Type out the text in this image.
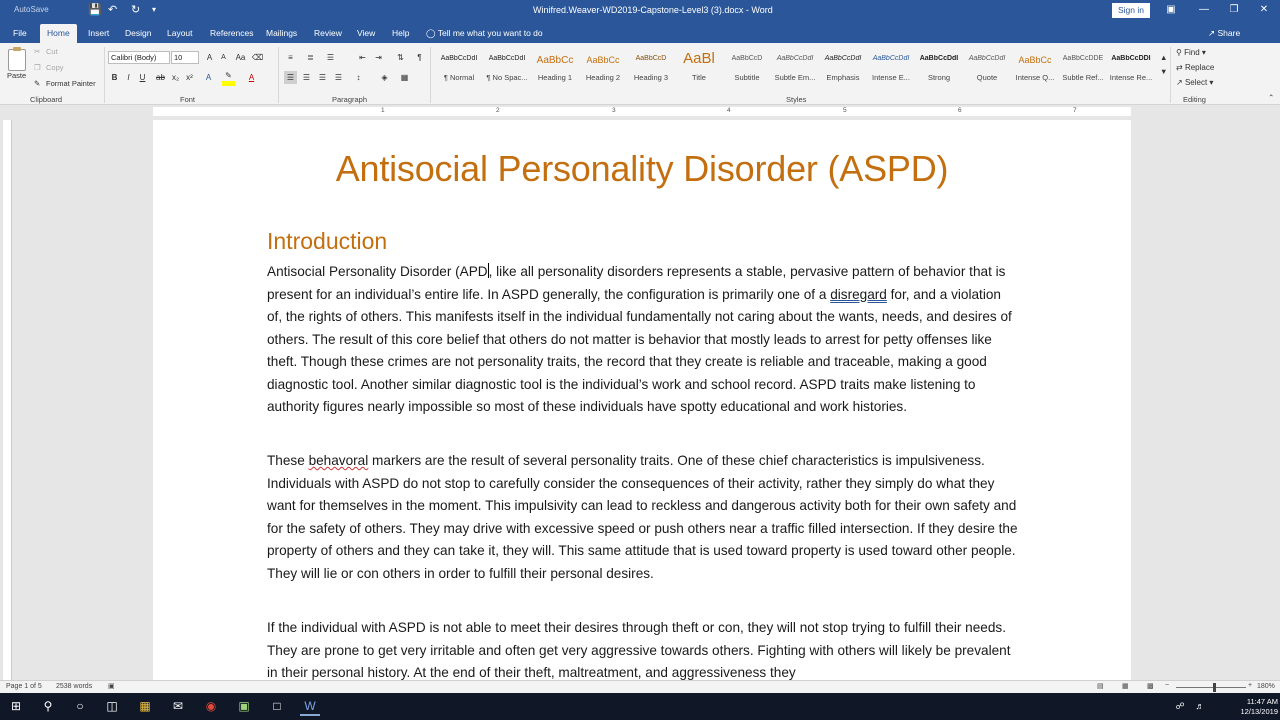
AutoSave	💾 ↶ ↻ ▾	Winifred.Weaver-WD2019-Capstone-Level3 (3).docx - Word	Sign in	▣	—	❐	✕
File	Home	Insert	Design	Layout	References	Mailings	Review	View	Help	◯ Tell me what you want to do	↗ Share
Paste
✂ Cut
❐ Copy
✎ Format Painter
Clipboard
Calibri (Body)	10	A	A	Aa ⌫
B	I	U	ab x₂ x²	A	✎	A
Font
≡	≣	☰	⇤	⇥	⇅	¶
☰	☰	☰	☰	↕	◈	▦
Paragraph
AaBbCcDdI
¶ Normal
AaBbCcDdI
¶ No Spac...
AaBbCc
Heading 1
AaBbCc
Heading 2
AaBbCcD
Heading 3
AaBl
Title
AaBbCcD
Subtitle
AaBbCcDdI
Subtle Em...
AaBbCcDdI
Emphasis
AaBbCcDdI
Intense E...
AaBbCcDdI
Strong
AaBbCcDdI
Quote
AaBbCc
Intense Q...
AaBbCcDDE
Subtle Ref...
AaBbCcDDI
Intense Re...
▲
▼
Styles
⚲ Find ▾
⇄ Replace
↗ Select ▾
Editing	⌃
1	2	3	4	5	6	7
Antisocial Personality Disorder (ASPD)
Introduction
Antisocial Personality Disorder (APD, like all personality disorders represents a stable, pervasive pattern of behavior that is present for an individual’s entire life. In ASPD generally, the configuration is primarily one of a disregard for, and a violation of, the rights of others. This manifests itself in the individual fundamentally not caring about the wants, needs, and desires of others. The result of this core belief that others do not matter is behavior that mostly leads to arrest for petty offenses like theft. Though these crimes are not personality traits, the record that they create is reliable and traceable, making a good diagnostic tool. Another similar diagnostic tool is the individual’s work and school record. ASPD traits make listening to authority figures nearly impossible so most of these individuals have spotty educational and work histories.
These behavoral markers are the result of several personality traits. One of these chief characteristics is impulsiveness. Individuals with ASPD do not stop to carefully consider the consequences of their activity, rather they simply do what they want for themselves in the moment. This impulsivity can lead to reckless and dangerous activity both for their own safety and for the safety of others. They may drive with excessive speed or push others near a traffic filled intersection. If they desire the property of others and they can take it, they will. This same attitude that is used toward property is used toward other people. They will lie or con others in order to fulfill their personal desires.
If the individual with ASPD is not able to meet their desires through theft or con, they will not stop trying to fulfill their needs. They are prone to get very irritable and often get very aggressive towards others. Fighting with others will likely be prevalent in their personal history. At the end of their theft, maltreatment, and aggressiveness they
Page 1 of 5 2538 words ▣	▤	▦	▩ −	+ 180%
⊞	⚲	○	◫	▦	✉	◉	▣	□	W	☍	♬	11:47 AM
12/13/2019
